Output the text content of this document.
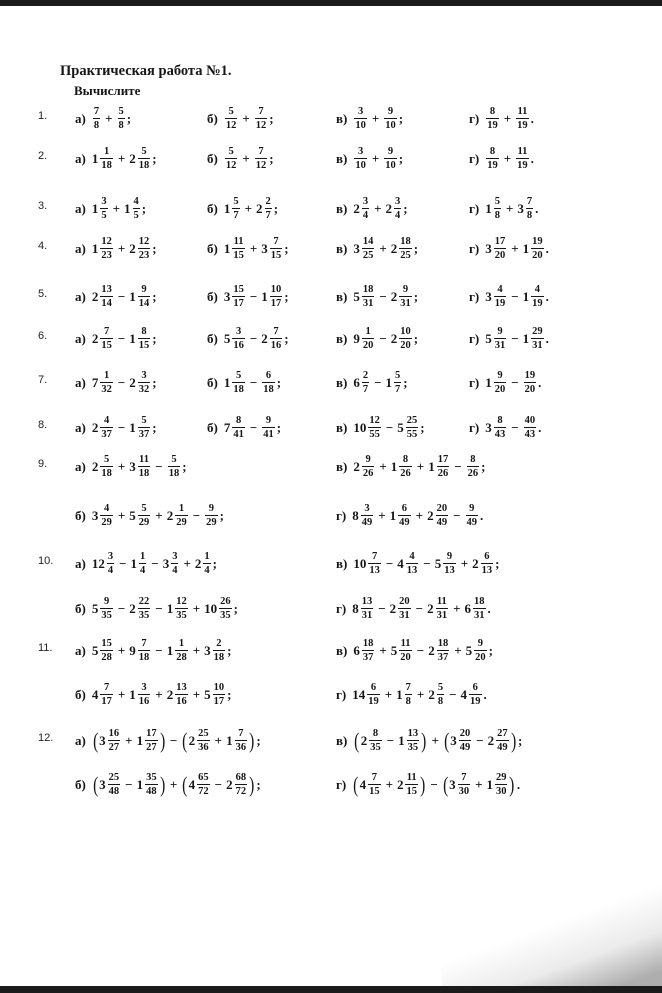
Практическая работа №1.
Вычислите
1. $а) \frac{7}{8} + \frac{5}{8}$ ;	$б) \frac{5}{12} + \frac{7}{12}$ ;	$в) \frac{3}{10} + \frac{9}{10}$ ;	$г) \frac{8}{19} + \frac{11}{19}$ .
2. а) $1 \frac{1}{18} + 2 \frac{5}{18}$ ;	$б) \frac{5}{12} + \frac{7}{12}$ ;	$в) \frac{3}{10} + \frac{9}{10}$ ;	$г) \frac{8}{19} + \frac{11}{19}$ .
3. а) $1 \frac{3}{5} + 1 \frac{4}{5}$ ;	б) $1 \frac{5}{7} + 2 \frac{2}{7}$ ;	в) $2 \frac{3}{4} + 2 \frac{3}{4}$ ;	г) $1 \frac{5}{8} + 3 \frac{7}{8}$ .
4. а) $1 \frac{12}{23} + 2 \frac{12}{23}$ ;	б) $1 \frac{11}{15} + 3 \frac{7}{15}$ ;	в) $3 \frac{14}{25} + 2 \frac{18}{25}$ ;	г) $3 \frac{17}{20} + 1 \frac{19}{20}$ .
5. а) $2 \frac{13}{14} - 1 \frac{9}{14}$ ;	б) $3 \frac{15}{17} - 1 \frac{10}{17}$ ;	в) $5 \frac{18}{31} - 2 \frac{9}{31}$ ;	г) $3 \frac{4}{19} - 1 \frac{4}{19}$ .
6. а) $2 \frac{7}{15} - 1 \frac{8}{15}$ ;	б) $5 \frac{3}{16} - 2 \frac{7}{16}$ ;	в) $9 \frac{1}{20} - 2 \frac{10}{20}$ ;	г) $5 \frac{9}{31} - 1 \frac{29}{31}$ .
7. а) $7 \frac{1}{32} - 2 \frac{3}{32}$ ;	б) $1 \frac{5}{18} - \frac{6}{18}$ ;	в) $6 \frac{2}{7} - 1 \frac{5}{7}$ ;	г) $1 \frac{9}{20} - \frac{19}{20}$ .
8. а) $2 \frac{4}{37} - 1 \frac{5}{37}$ ;	б) $7 \frac{8}{41} - \frac{9}{41}$ ;	в) $10 \frac{12}{55} - 5 \frac{25}{55}$ ;	г) $3 \frac{8}{43} - \frac{40}{43}$ .
9. а) $2 \frac{5}{18} + 3 \frac{11}{18} - \frac{5}{18}$ ;	в) $2 \frac{9}{26} + 1 \frac{8}{26} + 1 \frac{17}{26} - \frac{8}{26}$ ;
б) $3 \frac{4}{29} + 5 \frac{5}{29} + 2 \frac{1}{29} - \frac{9}{29}$ ;	г) $8 \frac{3}{49} + 1 \frac{6}{49} + 2 \frac{20}{49} - \frac{9}{49}$ .
10. а) $12 \frac{3}{4} - 1 \frac{1}{4} - 3 \frac{3}{4} + 2 \frac{1}{4}$ ;	в) $10 \frac{7}{13} - 4 \frac{4}{13} - 5 \frac{9}{13} + 2 \frac{6}{13}$ ;
б) $5 \frac{9}{35} - 2 \frac{22}{35} - 1 \frac{12}{35} + 10 \frac{26}{35}$ ;	г) $8 \frac{13}{31} - 2 \frac{20}{31} - 2 \frac{11}{31} + 6 \frac{18}{31}$ .
11. а) $5 \frac{15}{28} + 9 \frac{7}{18} - 1 \frac{1}{28} + 3 \frac{2}{18}$ ;	в) $6 \frac{18}{37} + 5 \frac{11}{20} - 2 \frac{18}{37} + 5 \frac{9}{20}$ ;
б) $4 \frac{7}{17} + 1 \frac{3}{16} + 2 \frac{13}{16} + 5 \frac{10}{17}$ ;	г) $14 \frac{6}{19} + 1 \frac{7}{8} + 2 \frac{5}{8} - 4 \frac{6}{19}$ .
12. а) ($3 \frac{16}{27} + 1 \frac{17}{27}$ ) − ($2 \frac{25}{36} + 1 \frac{7}{36}$ ) ;	в) ($2 \frac{8}{35} - 1 \frac{13}{35}$ ) + ($3 \frac{20}{49} - 2 \frac{27}{49}$ ) ;
б) ($3 \frac{25}{48} - 1 \frac{35}{48}$ ) + ($4 \frac{65}{72} - 2 \frac{68}{72}$ ) ;	г) ($4 \frac{7}{15} + 2 \frac{11}{15}$ ) − ($3 \frac{7}{30} + 1 \frac{29}{30}$ ) .
